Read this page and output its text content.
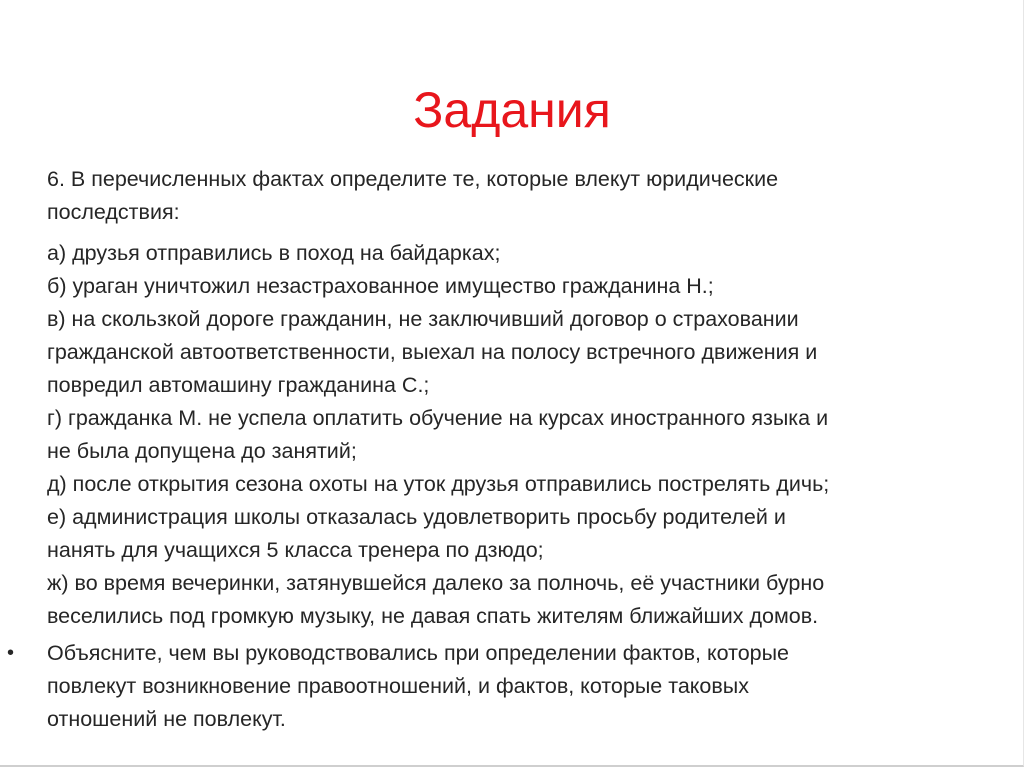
Задания

6. В перечисленных фактах определите те, которые влекут юридические
последствия:

а) друзья отправились в поход на байдарках;
б) ураган уничтожил незастрахованное имущество гражданина Н.;
в) на скользкой дороге гражданин, не заключивший договор о страховании
гражданской автоответственности, выехал на полосу встречного движения и
повредил автомашину гражданина С.;
г) гражданка М. не успела оплатить обучение на курсах иностранного языка и
не была допущена до занятий;
д) после открытия сезона охоты на уток друзья отправились пострелять дичь;
е) администрация школы отказалась удовлетворить просьбу родителей и
нанять для учащихся 5 класса тренера по дзюдо;
ж) во время вечеринки, затянувшейся далеко за полночь, её участники бурно
веселились под громкую музыку, не давая спать жителям ближайших домов.

• Объясните, чем вы руководствовались при определении фактов, которые
повлекут возникновение правоотношений, и фактов, которые таковых
отношений не повлекут.
